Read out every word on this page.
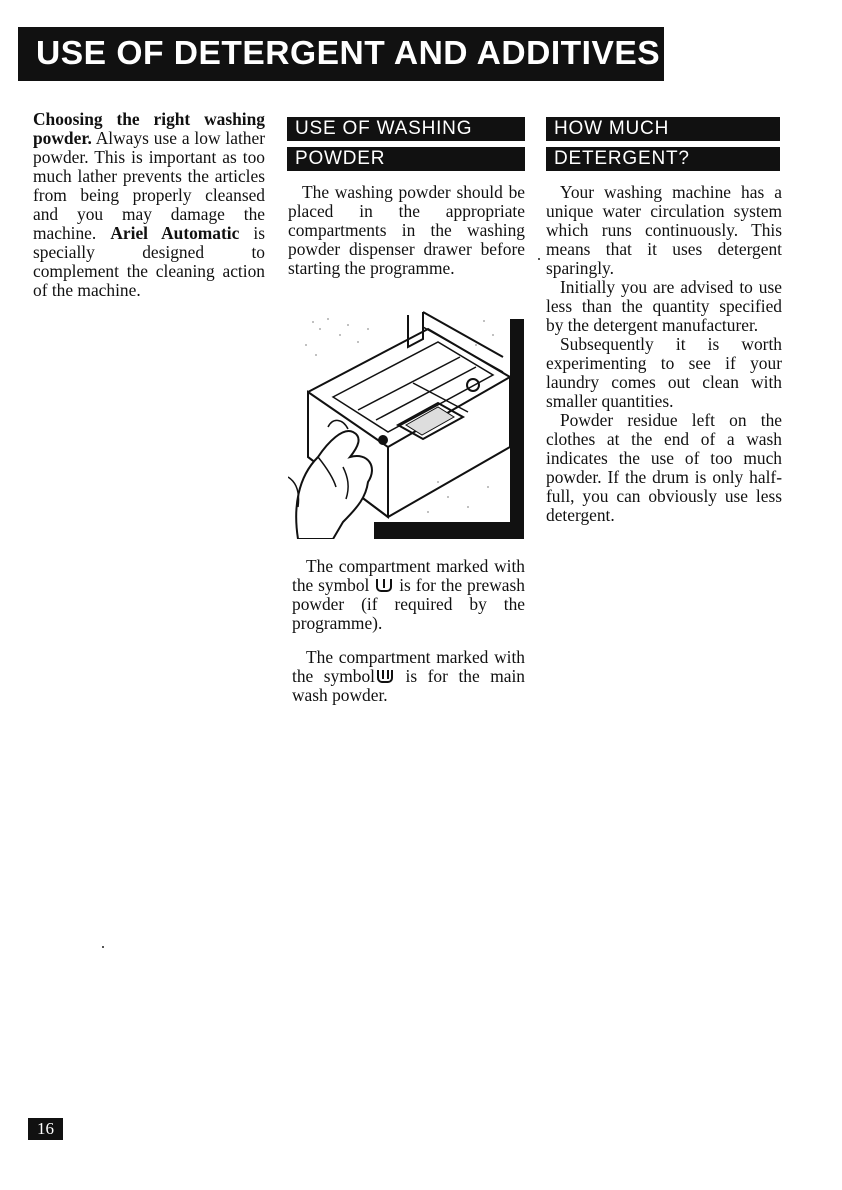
USE OF DETERGENT AND ADDITIVES

Choosing the right washing powder. Always use a low lather powder. This is important as too much lather prevents the articles from being properly cleansed and you may damage the machine. Ariel Automatic is specially designed to complement the cleaning action of the machine.

USE OF WASHING
POWDER

The washing powder should be placed in the appropriate compartments in the washing powder dispenser drawer before starting the programme.

The compartment marked with the symbol is for the prewash powder (if required by the programme).
The compartment marked with the symbol is for the main wash powder.
HOW MUCH
DETERGENT?

Your washing machine has a unique water circulation system which runs continuously. This means that it uses detergent sparingly.

Initially you are advised to use less than the quantity specified by the detergent manufacturer.

Subsequently it is worth experimenting to see if your laundry comes out clean with smaller quantities.

Powder residue left on the clothes at the end of a wash indicates the use of too much powder. If the drum is only half-full, you can obviously use less detergent.

16
